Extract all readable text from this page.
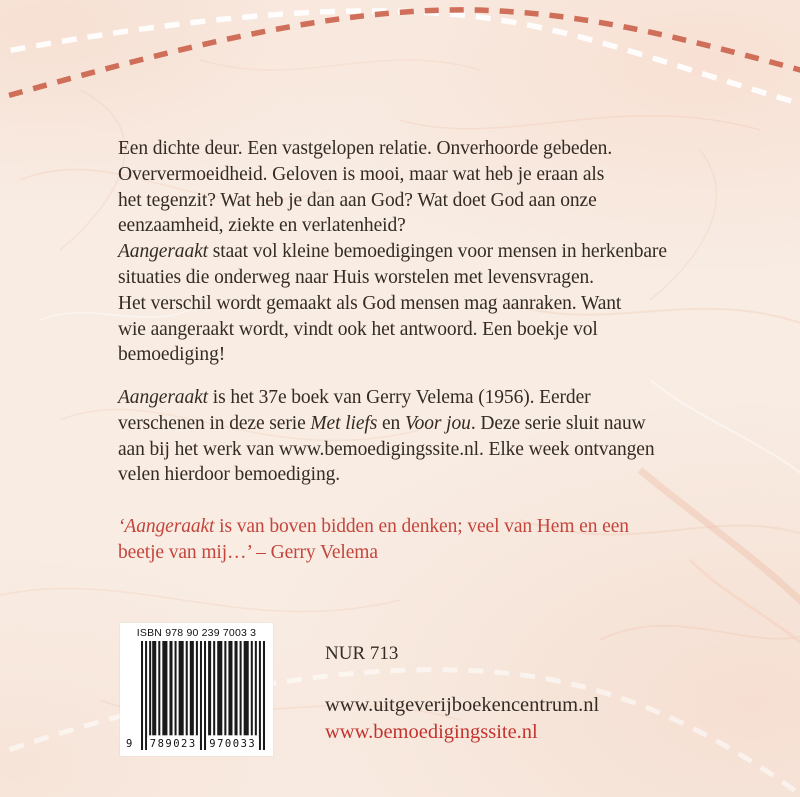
Een dichte deur. Een vastgelopen relatie. Onverhoorde gebeden.
Oververmoeidheid. Geloven is mooi, maar wat heb je eraan als
het tegenzit? Wat heb je dan aan God? Wat doet God aan onze
eenzaamheid, ziekte en verlatenheid?
Aangeraakt staat vol kleine bemoedigingen voor mensen in herkenbare
situaties die onderweg naar Huis worstelen met levensvragen.
Het verschil wordt gemaakt als God mensen mag aanraken. Want
wie aangeraakt wordt, vindt ook het antwoord. Een boekje vol
bemoediging!
Aangeraakt is het 37e boek van Gerry Velema (1956). Eerder
verschenen in deze serie Met liefs en Voor jou. Deze serie sluit nauw
aan bij het werk van www.bemoedigingssite.nl. Elke week ontvangen
velen hierdoor bemoediging.
‘Aangeraakt is van boven bidden en denken; veel van Hem en een
beetje van mij…’ – Gerry Velema
ISBN 978 90 239 7003 3
9 789023 970033
NUR 713
www.uitgeverijboekencentrum.nl
www.bemoedigingssite.nl
